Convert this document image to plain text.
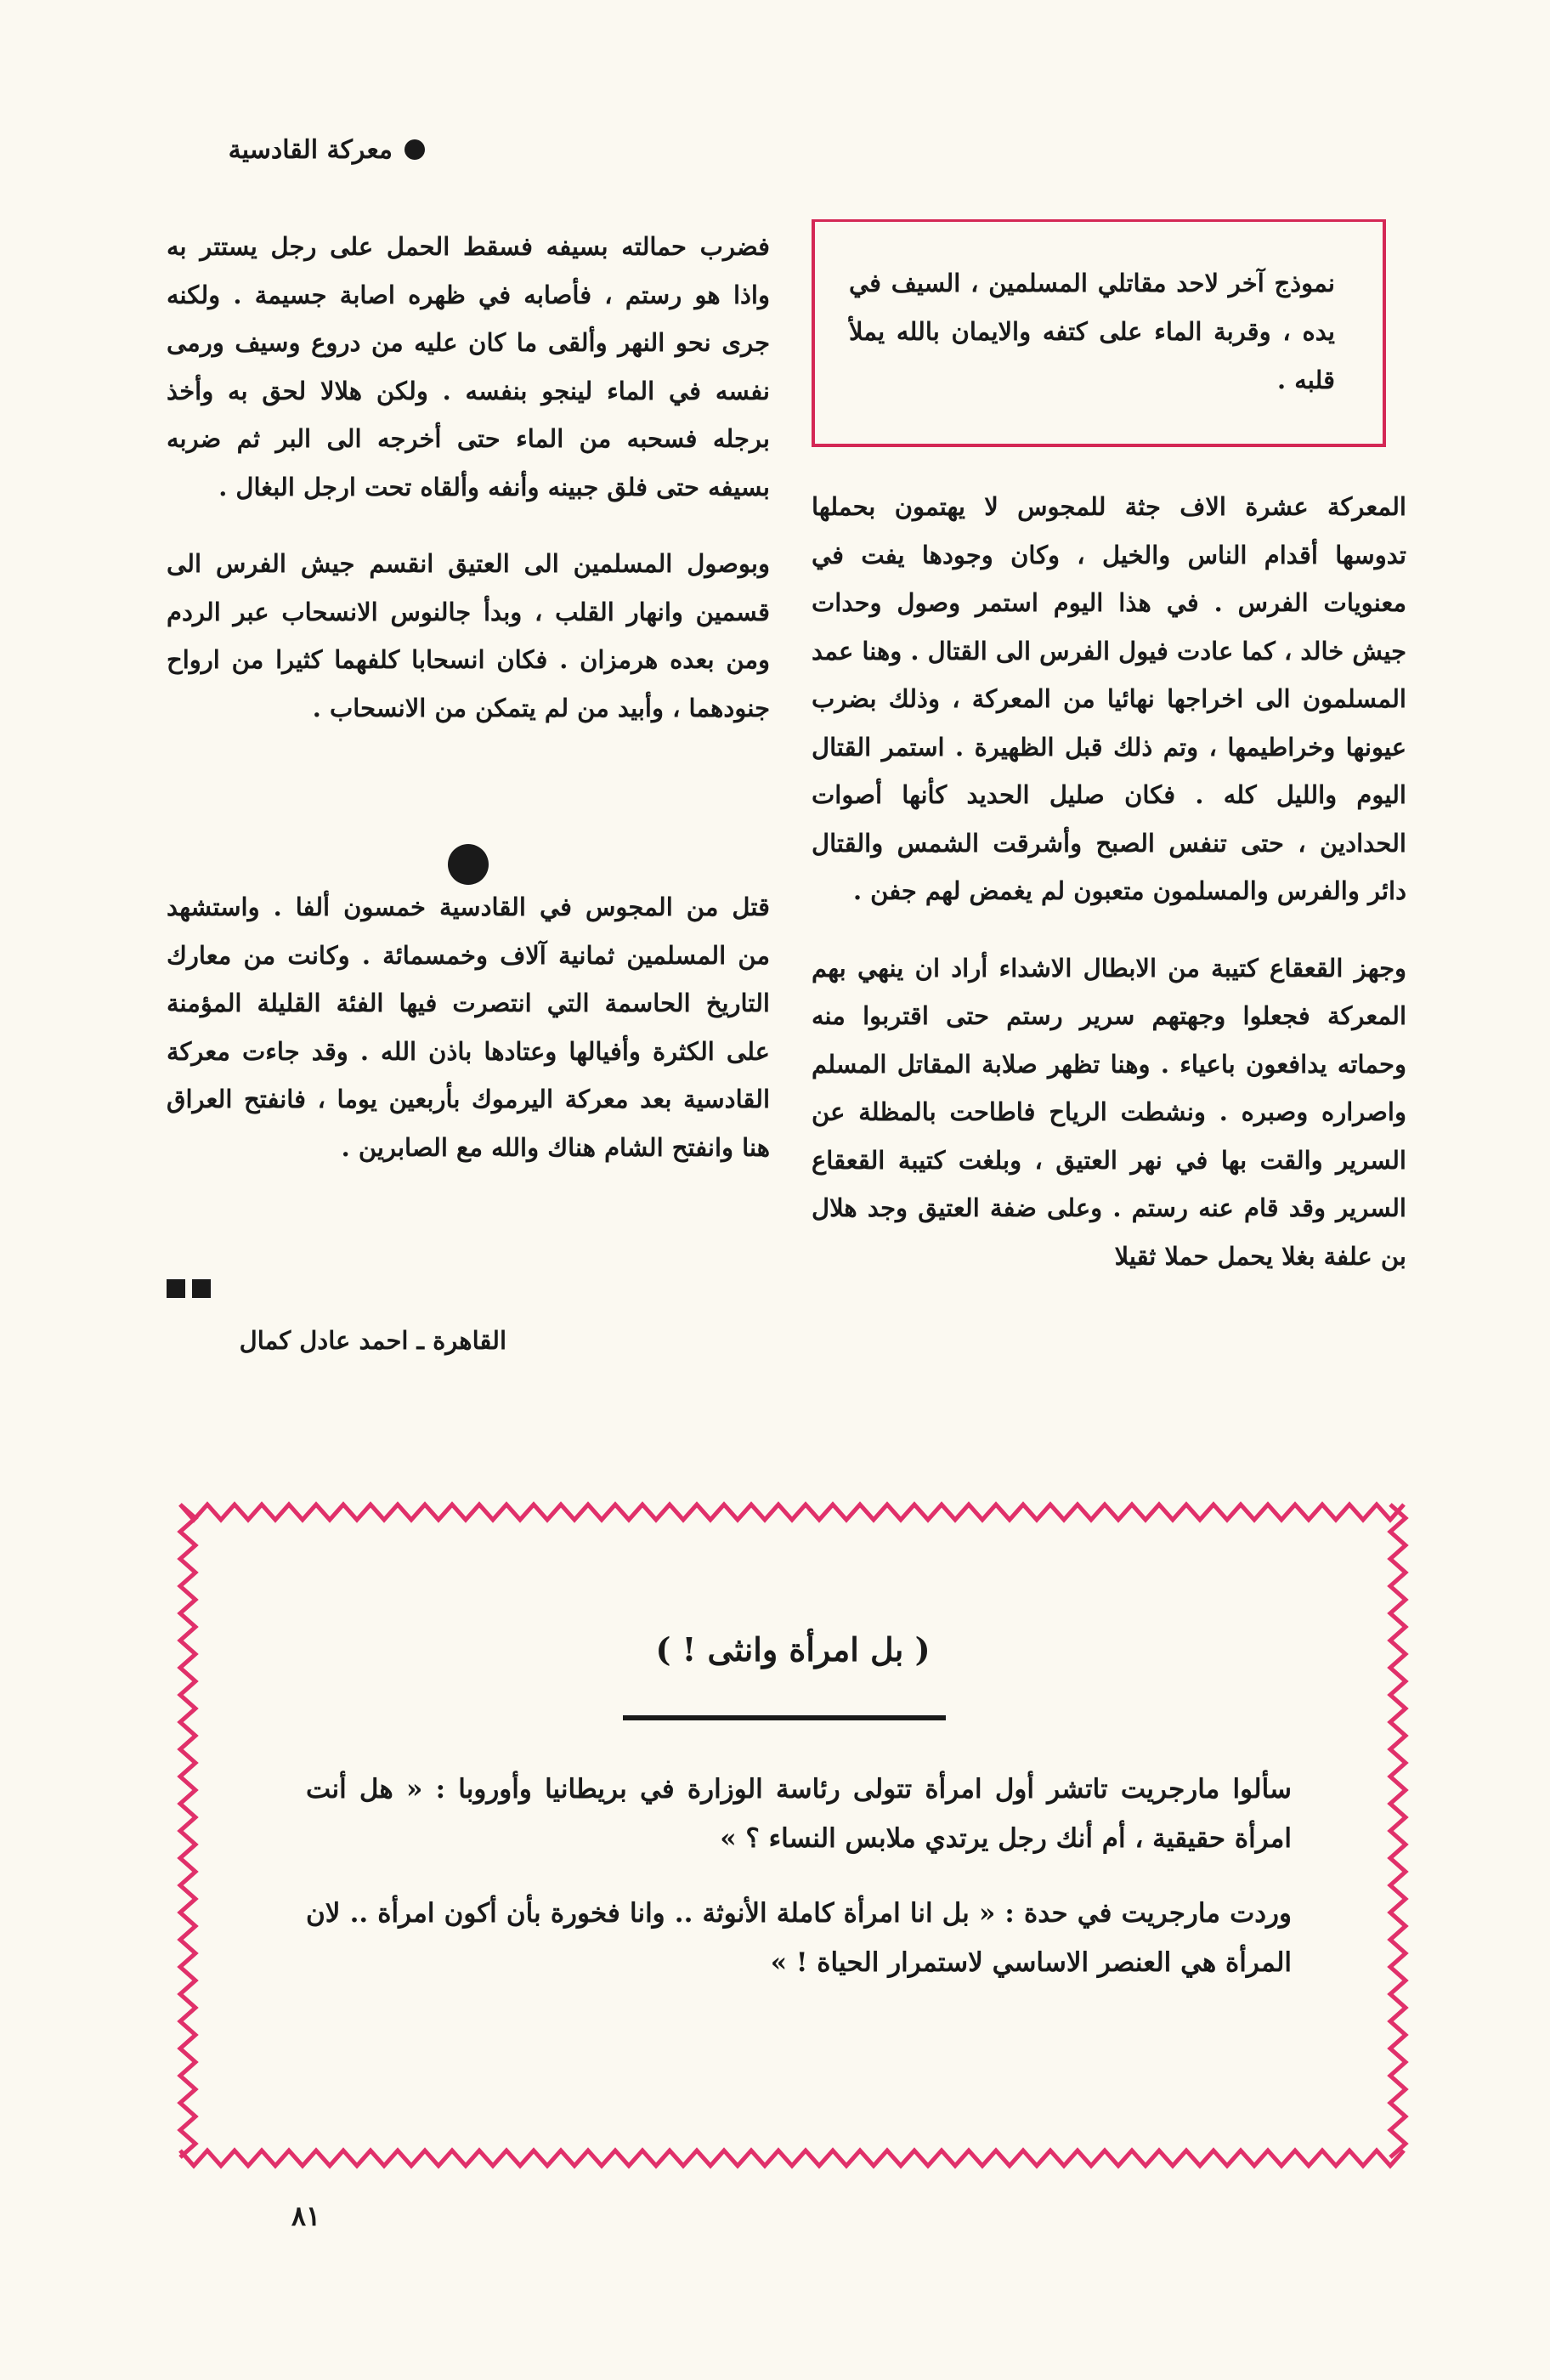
معركة القادسية

نموذج آخر لاحد مقاتلي المسلمين ، السيف في يده ، وقربة الماء على كتفه والايمان بالله يملأ قلبه .

فضرب حمالته بسيفه فسقط الحمل على رجل يستتر به واذا هو رستم ، فأصابه في ظهره اصابة جسيمة . ولكنه جرى نحو النهر وألقى ما كان عليه من دروع وسيف ورمى نفسه في الماء لينجو بنفسه . ولكن هلالا لحق به وأخذ برجله فسحبه من الماء حتى أخرجه الى البر ثم ضربه بسيفه حتى فلق جبينه وأنفه وألقاه تحت ارجل البغال .

وبوصول المسلمين الى العتيق انقسم جيش الفرس الى قسمين وانهار القلب ، وبدأ جالنوس الانسحاب عبر الردم ومن بعده هرمزان . فكان انسحابا كلفهما كثيرا من ارواح جنودهما ، وأبيد من لم يتمكن من الانسحاب .

قتل من المجوس في القادسية خمسون ألفا . واستشهد من المسلمين ثمانية آلاف وخمسمائة . وكانت من معارك التاريخ الحاسمة التي انتصرت فيها الفئة القليلة المؤمنة على الكثرة وأفيالها وعتادها باذن الله . وقد جاءت معركة القادسية بعد معركة اليرموك بأربعين يوما ، فانفتح العراق هنا وانفتح الشام هناك والله مع الصابرين .

القاهرة ـ احمد عادل كمال

المعركة عشرة الاف جثة للمجوس لا يهتمون بحملها تدوسها أقدام الناس والخيل ، وكان وجودها يفت في معنويات الفرس . في هذا اليوم استمر وصول وحدات جيش خالد ، كما عادت فيول الفرس الى القتال . وهنا عمد المسلمون الى اخراجها نهائيا من المعركة ، وذلك بضرب عيونها وخراطيمها ، وتم ذلك قبل الظهيرة . استمر القتال اليوم والليل كله . فكان صليل الحديد كأنها أصوات الحدادين ، حتى تنفس الصبح وأشرقت الشمس والقتال دائر والفرس والمسلمون متعبون لم يغمض لهم جفن .

وجهز القعقاع كتيبة من الابطال الاشداء أراد ان ينهي بهم المعركة فجعلوا وجهتهم سرير رستم حتى اقتربوا منه وحماته يدافعون باعياء . وهنا تظهر صلابة المقاتل المسلم واصراره وصبره . ونشطت الرياح فاطاحت بالمظلة عن السرير والقت بها في نهر العتيق ، وبلغت كتيبة القعقاع السرير وقد قام عنه رستم . وعلى ضفة العتيق وجد هلال بن علفة بغلا يحمل حملا ثقيلا

( بل امرأة وانثى ! )

سألوا مارجريت تاتشر أول امرأة تتولى رئاسة الوزارة في بريطانيا وأوروبا : « هل أنت امرأة حقيقية ، أم أنك رجل يرتدي ملابس النساء ؟ »

وردت مارجريت في حدة : « بل انا امرأة كاملة الأنوثة .. وانا فخورة بأن أكون امرأة .. لان المرأة هي العنصر الاساسي لاستمرار الحياة ! »

٨١
